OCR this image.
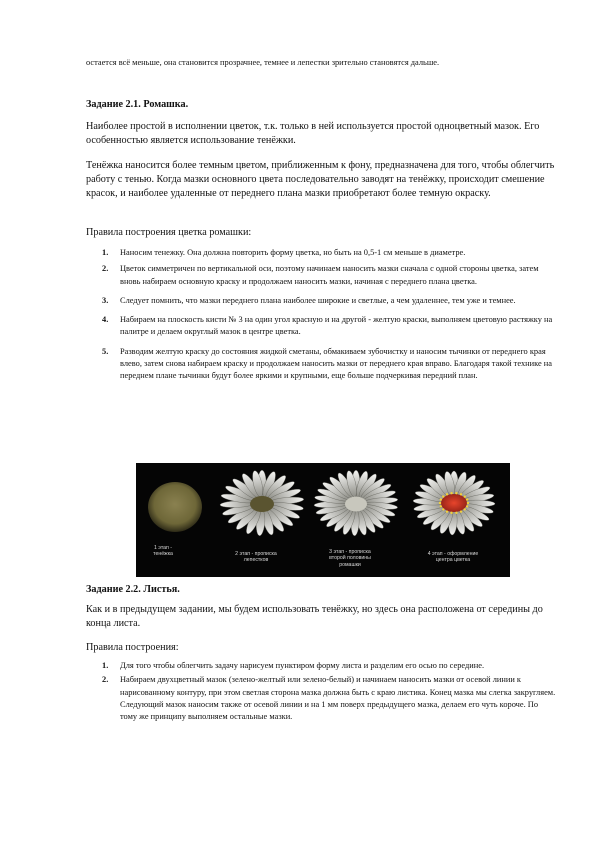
остается всё меньше, она становится прозрачнее, темнее и лепестки зрительно становятся дальше.

Задание 2.1. Ромашка.

Наиболее простой в исполнении цветок, т.к. только в ней используется простой одноцветный мазок. Его особенностью является использование тенёжки.

Тенёжка наносится более темным цветом, приближенным к фону, предназначена для того, чтобы облегчить работу с тенью. Когда мазки основного цвета последовательно заводят на тенёжку, происходит смешение красок, и наиболее удаленные от переднего плана мазки приобретают более темную окраску.

Правила построения цветка ромашки:

1. Наносим тенежку. Она должна повторить форму цветка, но быть на 0,5-1 см меньше в диаметре.
2. Цветок симметричен по вертикальной оси, поэтому начинаем наносить мазки сначала с одной стороны цветка, затем вновь набираем основную краску и продолжаем наносить мазки, начиная с переднего плана цветка.
3. Следует помнить, что мазки переднего плана наиболее широкие и светлые, а чем удаленнее, тем уже и темнее.
4. Набираем на плоскость кисти № 3 на один угол красную и на другой - желтую краски, выполняем цветовую растяжку на палитре и делаем округлый мазок в центре цветка.
5. Разводим желтую краску до состояния жидкой сметаны, обмакиваем зубочистку и наносим тычинки от переднего края влево, затем снова набираем краску и продолжаем наносить мазки от переднего края вправо. Благодаря такой технике на переднем плане тычинки будут более яркими и крупными, еще больше подчеркивая передний план.
1 этап - тенёжка	2 этап - прописка лепестков
3 этап - прописка второй половины ромашки
4 этап - оформление центра цветка

Задание 2.2. Листья.

Как и в предыдущем задании, мы будем использовать тенёжку, но здесь она расположена от середины до конца листа.

Правила построения:

1. Для того чтобы облегчить задачу нарисуем пунктиром форму листа и разделим его осью по середине.
2. Набираем двухцветный мазок (зелено-желтый или зелено-белый) и начинаем наносить мазки от осевой линии к нарисованному контуру, при этом светлая сторона мазка должна быть с краю листика. Конец мазка мы слегка закругляем. Следующий мазок наносим также от осевой линии и на 1 мм поверх предыдущего мазка, делаем его чуть короче. По тому же принципу выполняем остальные мазки.
